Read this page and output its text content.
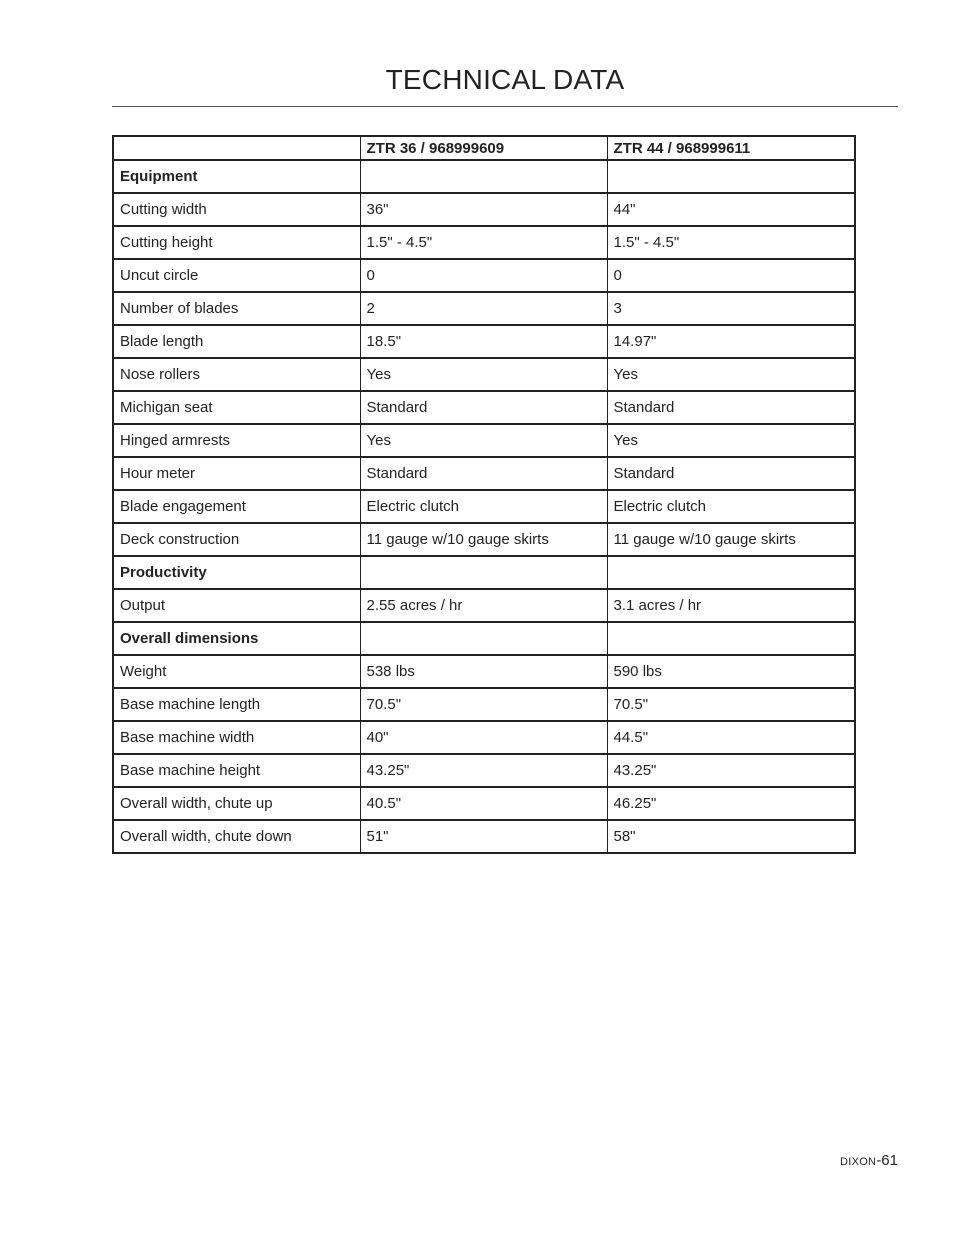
TECHNICAL DATA
	ZTR 36 / 968999609	ZTR 44 / 968999611
Equipment		
Cutting width	36"	44"
Cutting height	1.5" - 4.5"	1.5" - 4.5"
Uncut circle	0	0
Number of blades	2	3
Blade length	18.5"	14.97"
Nose rollers	Yes	Yes
Michigan seat	Standard	Standard
Hinged armrests	Yes	Yes
Hour meter	Standard	Standard
Blade engagement	Electric clutch	Electric clutch
Deck construction	11 gauge w/10 gauge skirts	11 gauge w/10 gauge skirts
Productivity		
Output	2.55 acres / hr	3.1 acres / hr
Overall dimensions		
Weight	538 lbs	590 lbs
Base machine length	70.5"	70.5"
Base machine width	40"	44.5"
Base machine height	43.25"	43.25"
Overall width, chute up	40.5"	46.25"
Overall width, chute down	51"	58"
DIXON-61
